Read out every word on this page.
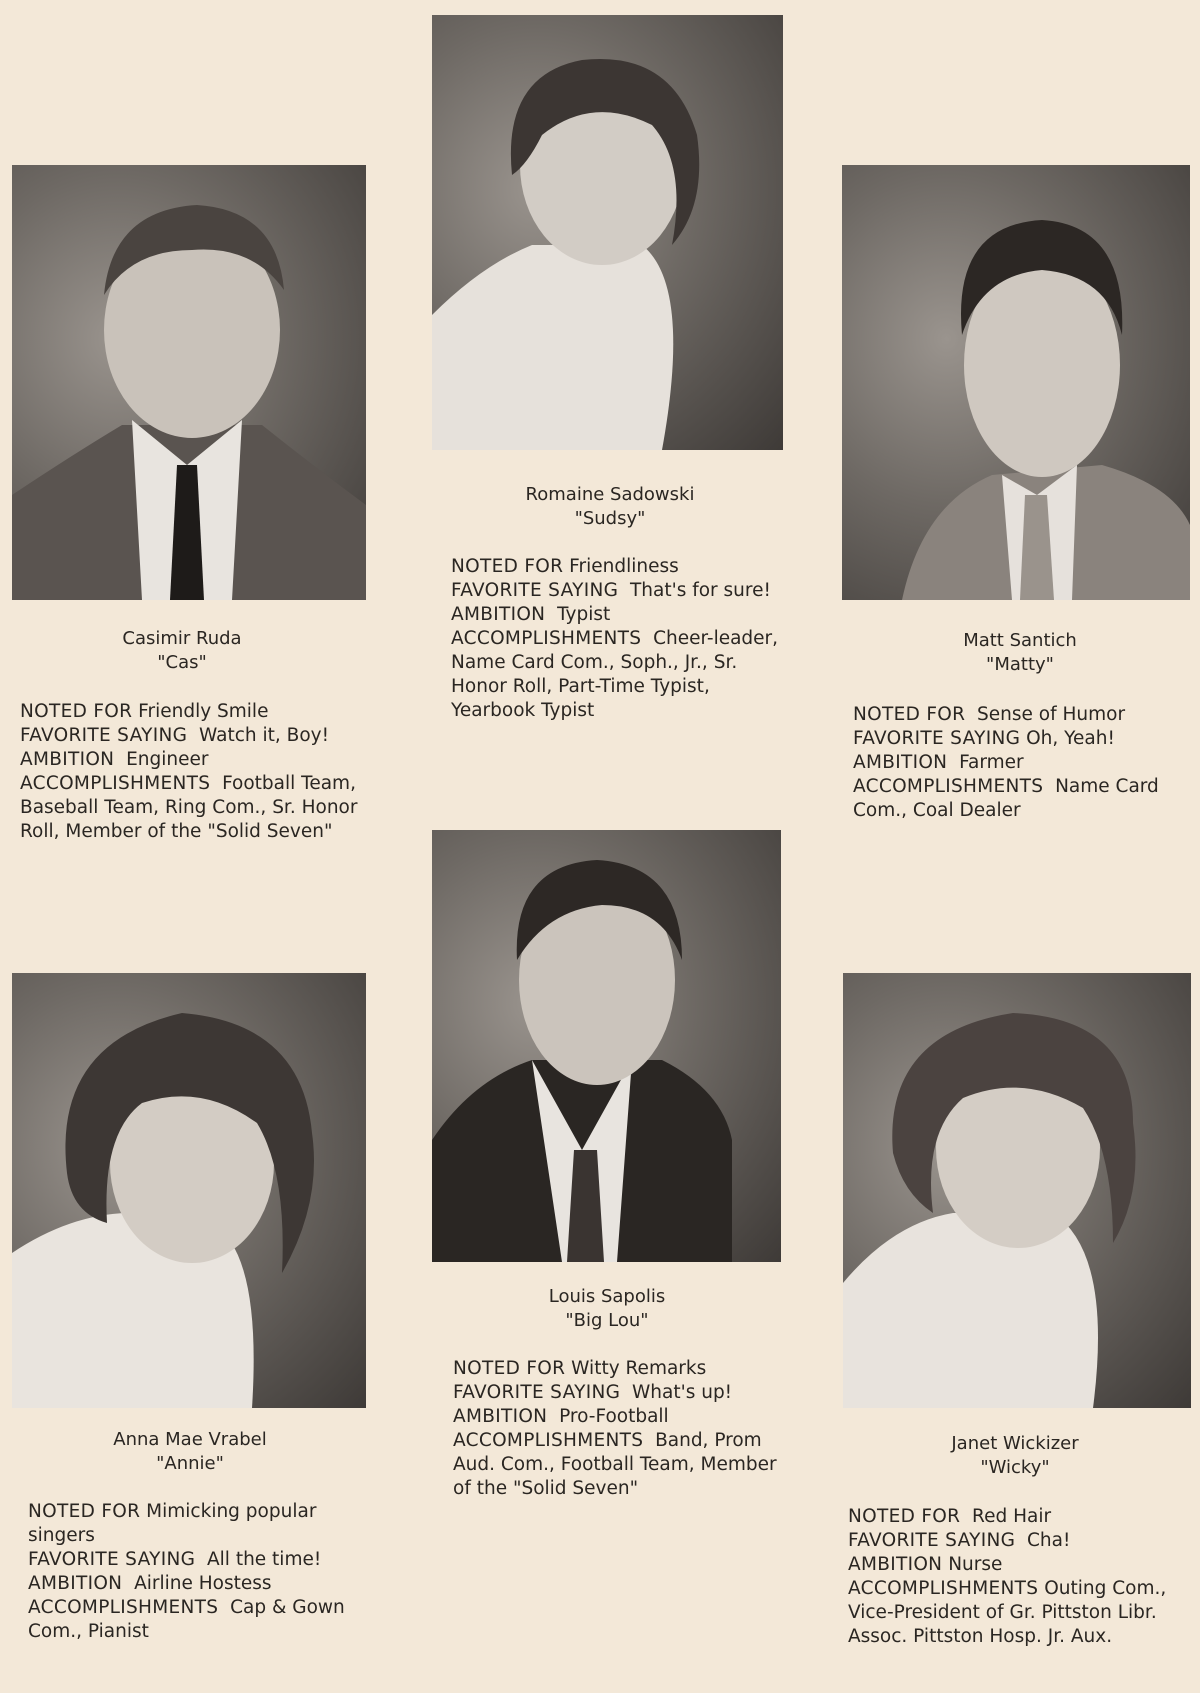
Casimir Ruda
"Cas"
NOTED FOR Friendly Smile
FAVORITE SAYING Watch it, Boy!
AMBITION Engineer
ACCOMPLISHMENTS Football Team, Baseball Team, Ring Com., Sr. Honor Roll, Member of the "Solid Seven"
Romaine Sadowski
"Sudsy"
NOTED FOR Friendliness
FAVORITE SAYING That's for sure!
AMBITION Typist
ACCOMPLISHMENTS Cheer-leader, Name Card Com., Soph., Jr., Sr. Honor Roll, Part-Time Typist, Yearbook Typist
Matt Santich
"Matty"
NOTED FOR Sense of Humor
FAVORITE SAYING Oh, Yeah!
AMBITION Farmer
ACCOMPLISHMENTS Name Card Com., Coal Dealer
Anna Mae Vrabel
"Annie"
NOTED FOR Mimicking popular singers
FAVORITE SAYING All the time!
AMBITION Airline Hostess
ACCOMPLISHMENTS Cap & Gown Com., Pianist
Louis Sapolis
"Big Lou"
NOTED FOR Witty Remarks
FAVORITE SAYING What's up!
AMBITION Pro-Football
ACCOMPLISHMENTS Band, Prom Aud. Com., Football Team, Member of the "Solid Seven"
Janet Wickizer
"Wicky"
NOTED FOR Red Hair
FAVORITE SAYING Cha!
AMBITION Nurse
ACCOMPLISHMENTS Outing Com., Vice-President of Gr. Pittston Libr. Assoc. Pittston Hosp. Jr. Aux.
